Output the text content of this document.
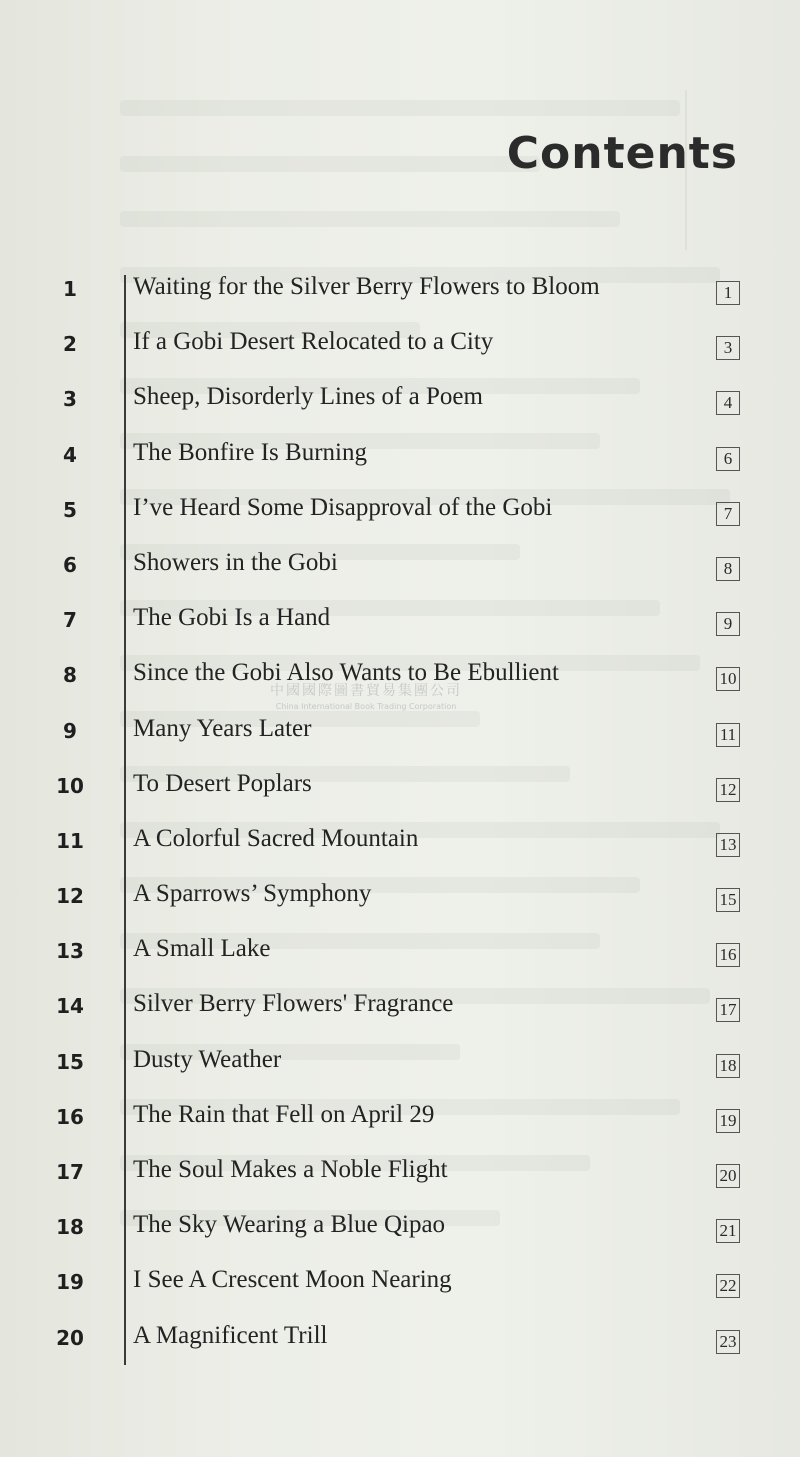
Contents
1	Waiting for the Silver Berry Flowers to Bloom	1
2	If a Gobi Desert Relocated to a City	3
3	Sheep, Disorderly Lines of a Poem	4
4	The Bonfire Is Burning	6
5	I’ve Heard Some Disapproval of the Gobi	7
6	Showers in the Gobi	8
7	The Gobi Is a Hand	9
8	Since the Gobi Also Wants to Be Ebullient	10
9	Many Years Later	11
10	To Desert Poplars	12
11	A Colorful Sacred Mountain	13
12	A Sparrows’ Symphony	15
13	A Small Lake	16
14	Silver Berry Flowers' Fragrance	17
15	Dusty Weather	18
16	The Rain that Fell on April 29	19
17	The Soul Makes a Noble Flight	20
18	The Sky Wearing a Blue Qipao	21
19	I See A Crescent Moon Nearing	22
20	A Magnificent Trill	23
中國國際圖書貿易集團公司
China International Book Trading Corporation
